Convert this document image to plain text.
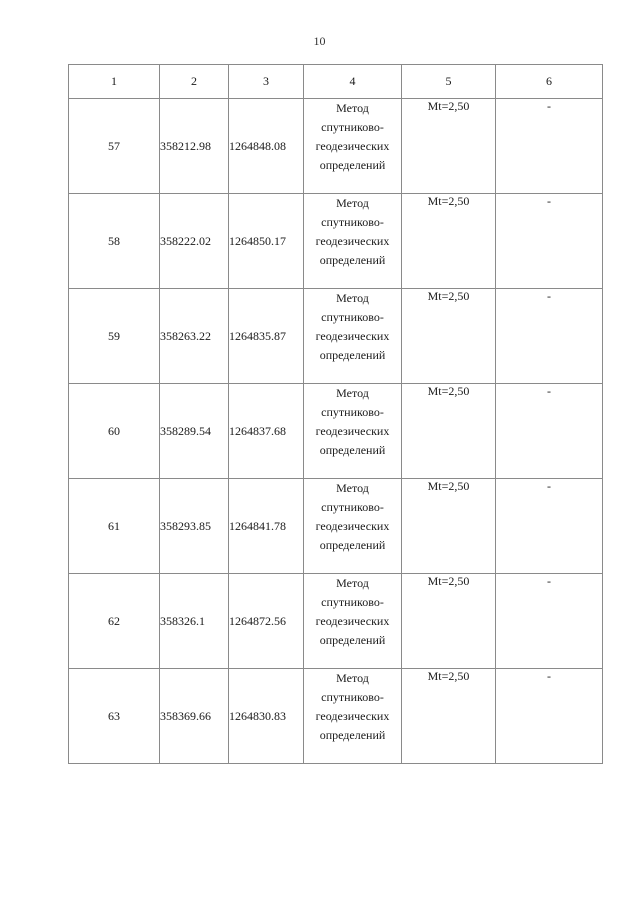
10
1	2	3	4	5	6
57	358212.98	1264848.08	Метод
спутниково-
геодезических
определений	Mt=2,50	-
58	358222.02	1264850.17	Метод
спутниково-
геодезических
определений	Mt=2,50	-
59	358263.22	1264835.87	Метод
спутниково-
геодезических
определений	Mt=2,50	-
60	358289.54	1264837.68	Метод
спутниково-
геодезических
определений	Mt=2,50	-
61	358293.85	1264841.78	Метод
спутниково-
геодезических
определений	Mt=2,50	-
62	358326.1	1264872.56	Метод
спутниково-
геодезических
определений	Mt=2,50	-
63	358369.66	1264830.83	Метод
спутниково-
геодезических
определений	Mt=2,50	-
